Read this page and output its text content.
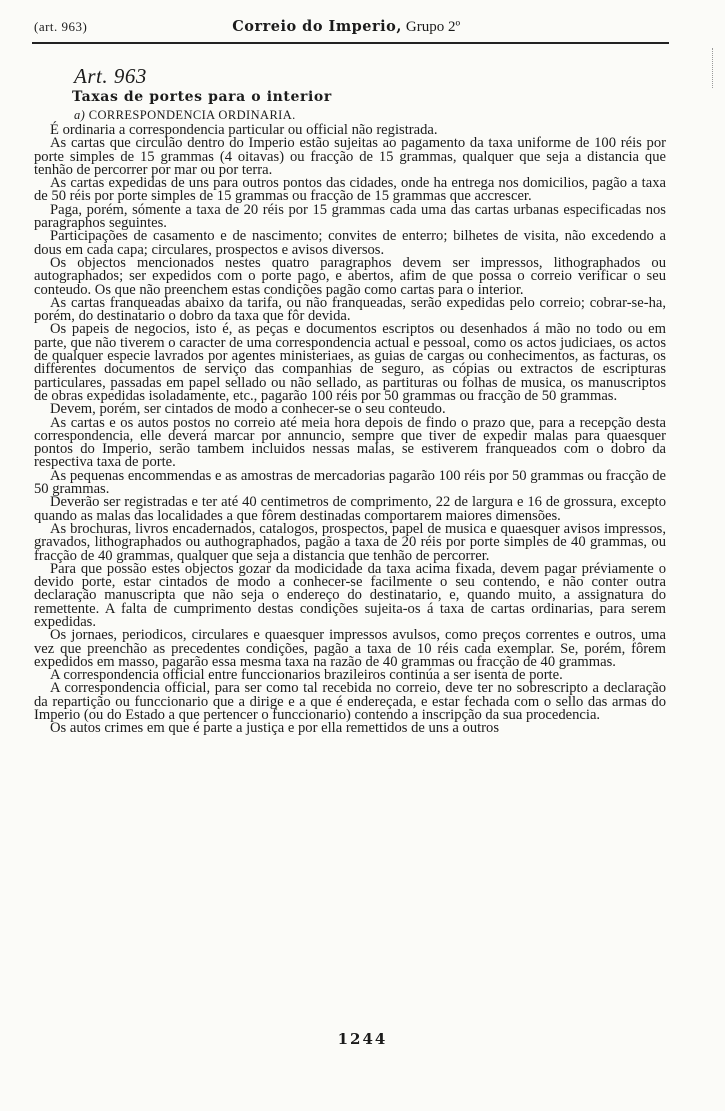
(art. 963)	Correio do Imperio, Grupo 2º
Art. 963
Taxas de portes para o interior
a) CORRESPONDENCIA ORDINARIA.

É ordinaria a correspondencia particular ou official não registrada.

As cartas que circulão dentro do Imperio estão sujeitas ao pagamento da taxa uniforme de 100 réis por porte simples de 15 grammas (4 oitavas) ou fracção de 15 grammas, qualquer que seja a distancia que tenhão de percorrer por mar ou por terra.

As cartas expedidas de uns para outros pontos das cidades, onde ha entrega nos domicilios, pagão a taxa de 50 réis por porte simples de 15 grammas ou fracção de 15 grammas que accrescer.

Paga, porém, sómente a taxa de 20 réis por 15 grammas cada uma das cartas urbanas especificadas nos paragraphos seguintes.

Participações de casamento e de nascimento; convites de enterro; bilhetes de visita, não excedendo a dous em cada capa; circulares, prospectos e avisos diversos.

Os objectos mencionados nestes quatro paragraphos devem ser impressos, lithographados ou autographados; ser expedidos com o porte pago, e abertos, afim de que possa o correio verificar o seu conteudo. Os que não preenchem estas condições pagão como cartas para o interior.

As cartas franqueadas abaixo da tarifa, ou não franqueadas, serão expedidas pelo correio; cobrar-se-ha, porém, do destinatario o dobro da taxa que fôr devida.

Os papeis de negocios, isto é, as peças e documentos escriptos ou desenhados á mão no todo ou em parte, que não tiverem o caracter de uma correspondencia actual e pessoal, como os actos judiciaes, os actos de qualquer especie lavrados por agentes ministeriaes, as guias de cargas ou conhecimentos, as facturas, os differentes documentos de serviço das companhias de seguro, as cópias ou extractos de escripturas particulares, passadas em papel sellado ou não sellado, as partituras ou folhas de musica, os manuscriptos de obras expedidas isoladamente, etc., pagarão 100 réis por 50 grammas ou fracção de 50 grammas.

Devem, porém, ser cintados de modo a conhecer-se o seu conteudo.

As cartas e os autos postos no correio até meia hora depois de findo o prazo que, para a recepção desta correspondencia, elle deverá marcar por annuncio, sempre que tiver de expedir malas para quaesquer pontos do Imperio, serão tambem incluidos nessas malas, se estiverem franqueados com o dobro da respectiva taxa de porte.

As pequenas encommendas e as amostras de mercadorias pagarão 100 réis por 50 grammas ou fracção de 50 grammas.

Deverão ser registradas e ter até 40 centimetros de comprimento, 22 de largura e 16 de grossura, excepto quando as malas das localidades a que fôrem destinadas comportarem maiores dimensões.

As brochuras, livros encadernados, catalogos, prospectos, papel de musica e quaesquer avisos impressos, gravados, lithographados ou authographados, pagão a taxa de 20 réis por porte simples de 40 grammas, ou fracção de 40 grammas, qualquer que seja a distancia que tenhão de percorrer.

Para que possão estes objectos gozar da modicidade da taxa acima fixada, devem pagar préviamente o devido porte, estar cintados de modo a conhecer-se facilmente o seu contendo, e não conter outra declaração manuscripta que não seja o endereço do destinatario, e, quando muito, a assignatura do remettente. A falta de cumprimento destas condições sujeita-os á taxa de cartas ordinarias, para serem expedidas.

Os jornaes, periodicos, circulares e quaesquer impressos avulsos, como preços correntes e outros, uma vez que preenchão as precedentes condições, pagão a taxa de 10 réis cada exemplar. Se, porém, fôrem expedidos em masso, pagarão essa mesma taxa na razão de 40 grammas ou fracção de 40 grammas.

A correspondencia official entre funccionarios brazileiros continúa a ser isenta de porte.

A correspondencia official, para ser como tal recebida no correio, deve ter no sobrescripto a declaração da repartição ou funccionario que a dirige e a que é endereçada, e estar fechada com o sello das armas do Imperio (ou do Estado a que pertencer o funccionario) contendo a inscripção da sua procedencia.

Os autos crimes em que é parte a justiça e por ella remettidos de uns a outros

1244
